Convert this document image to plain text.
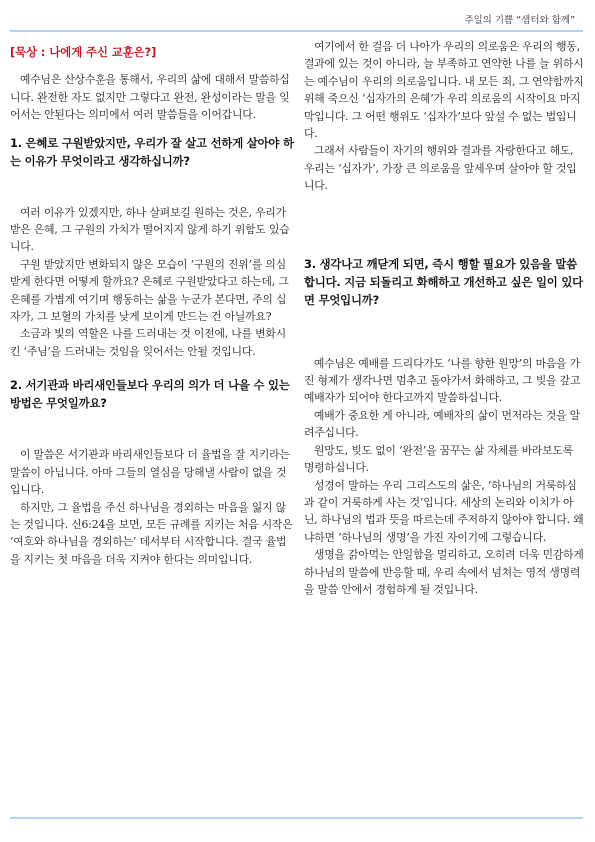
주일의 기쁨 “샘터와 함께”
[묵상 : 나에게 주신 교훈은?]

예수님은 산상수훈을 통해서, 우리의 삶에 대해서 말씀하십니다. 완전한 자도 없지만 그렇다고 완전, 완성이라는 말을 잊어서는 안된다는 의미에서 여러 말씀들을 이어갑니다.

1. 은혜로 구원받았지만, 우리가 잘 살고 선하게 살아야 하는 이유가 무엇이라고 생각하십니까?

여러 이유가 있겠지만, 하나 살펴보길 원하는 것은, 우리가 받은 은혜, 그 구원의 가치가 떨어지지 않게 하기 위함도 있습니다.

구원 받았지만 변화되지 않은 모습이 ‘구원의 진위’를 의심받게 한다면 어떻게 할까요? 은혜로 구원받았다고 하는데, 그 은혜를 가볍게 여기며 행동하는 삶을 누군가 본다면, 주의 십자가, 그 보혈의 가치를 낮게 보이게 만드는 건 아닐까요?

소금과 빛의 역할은 나를 드러내는 것 이전에, 나를 변화시킨 ‘주님’을 드러내는 것임을 잊어서는 안될 것입니다.

2. 서기관과 바리새인들보다 우리의 의가 더 나을 수 있는 방법은 무엇일까요?

이 말씀은 서기관과 바리새인들보다 더 율법을 잘 지키라는 말씀이 아닙니다. 아마 그들의 열심을 당해낼 사람이 없을 것입니다.

하지만, 그 율법을 주신 하나님을 경외하는 마음을 잃지 않는 것입니다. 신6:24을 보면, 모든 규례를 지키는 처음 시작은 ‘여호와 하나님을 경외하는’ 데서부터 시작합니다. 결국 율법을 지키는 첫 마음을 더욱 지켜야 한다는 의미입니다.

여기에서 한 걸음 더 나아가 우리의 의로움은 우리의 행동, 결과에 있는 것이 아니라, 늘 부족하고 연약한 나를 늘 위하시는 예수님이 우리의 의로움입니다. 내 모든 죄, 그 연약함까지 위해 죽으신 ‘십자가의 은혜’가 우리 의로움의 시작이요 마지막입니다. 그 어떤 행위도 ‘십자가’보다 앞설 수 없는 법입니다.

그래서 사람들이 자기의 행위와 결과를 자랑한다고 해도, 우리는 ‘십자가’, 가장 큰 의로움을 앞세우며 살아야 할 것입니다.

3. 생각나고 깨닫게 되면, 즉시 행할 필요가 있음을 말씀합니다. 지금 되돌리고 화해하고 개선하고 싶은 일이 있다면 무엇입니까?

예수님은 예배를 드리다가도 ‘나를 향한 원망’의 마음을 가진 형제가 생각나면 멈추고 돌아가서 화해하고, 그 빚을 갚고 예배자가 되어야 한다고까지 말씀하십니다.

예배가 중요한 게 아니라, 예배자의 삶이 먼저라는 것을 알려주십니다.

원망도, 빚도 없이 ‘완전’을 꿈꾸는 삶 자체를 바라보도록 명령하십니다.

성경이 말하는 우리 그리스도의 삶은, ‘하나님의 거룩하심과 같이 거룩하게 사는 것’입니다. 세상의 논리와 이치가 아닌, 하나님의 법과 뜻을 따르는데 주저하지 않아야 합니다. 왜냐하면 ‘하나님의 생명’을 가진 자이기에 그렇습니다.

생명을 갉아먹는 안일함을 멀리하고, 오히려 더욱 민감하게 하나님의 말씀에 반응할 때, 우리 속에서 넘쳐는 영적 생명력을 말씀 안에서 경험하게 될 것입니다.
